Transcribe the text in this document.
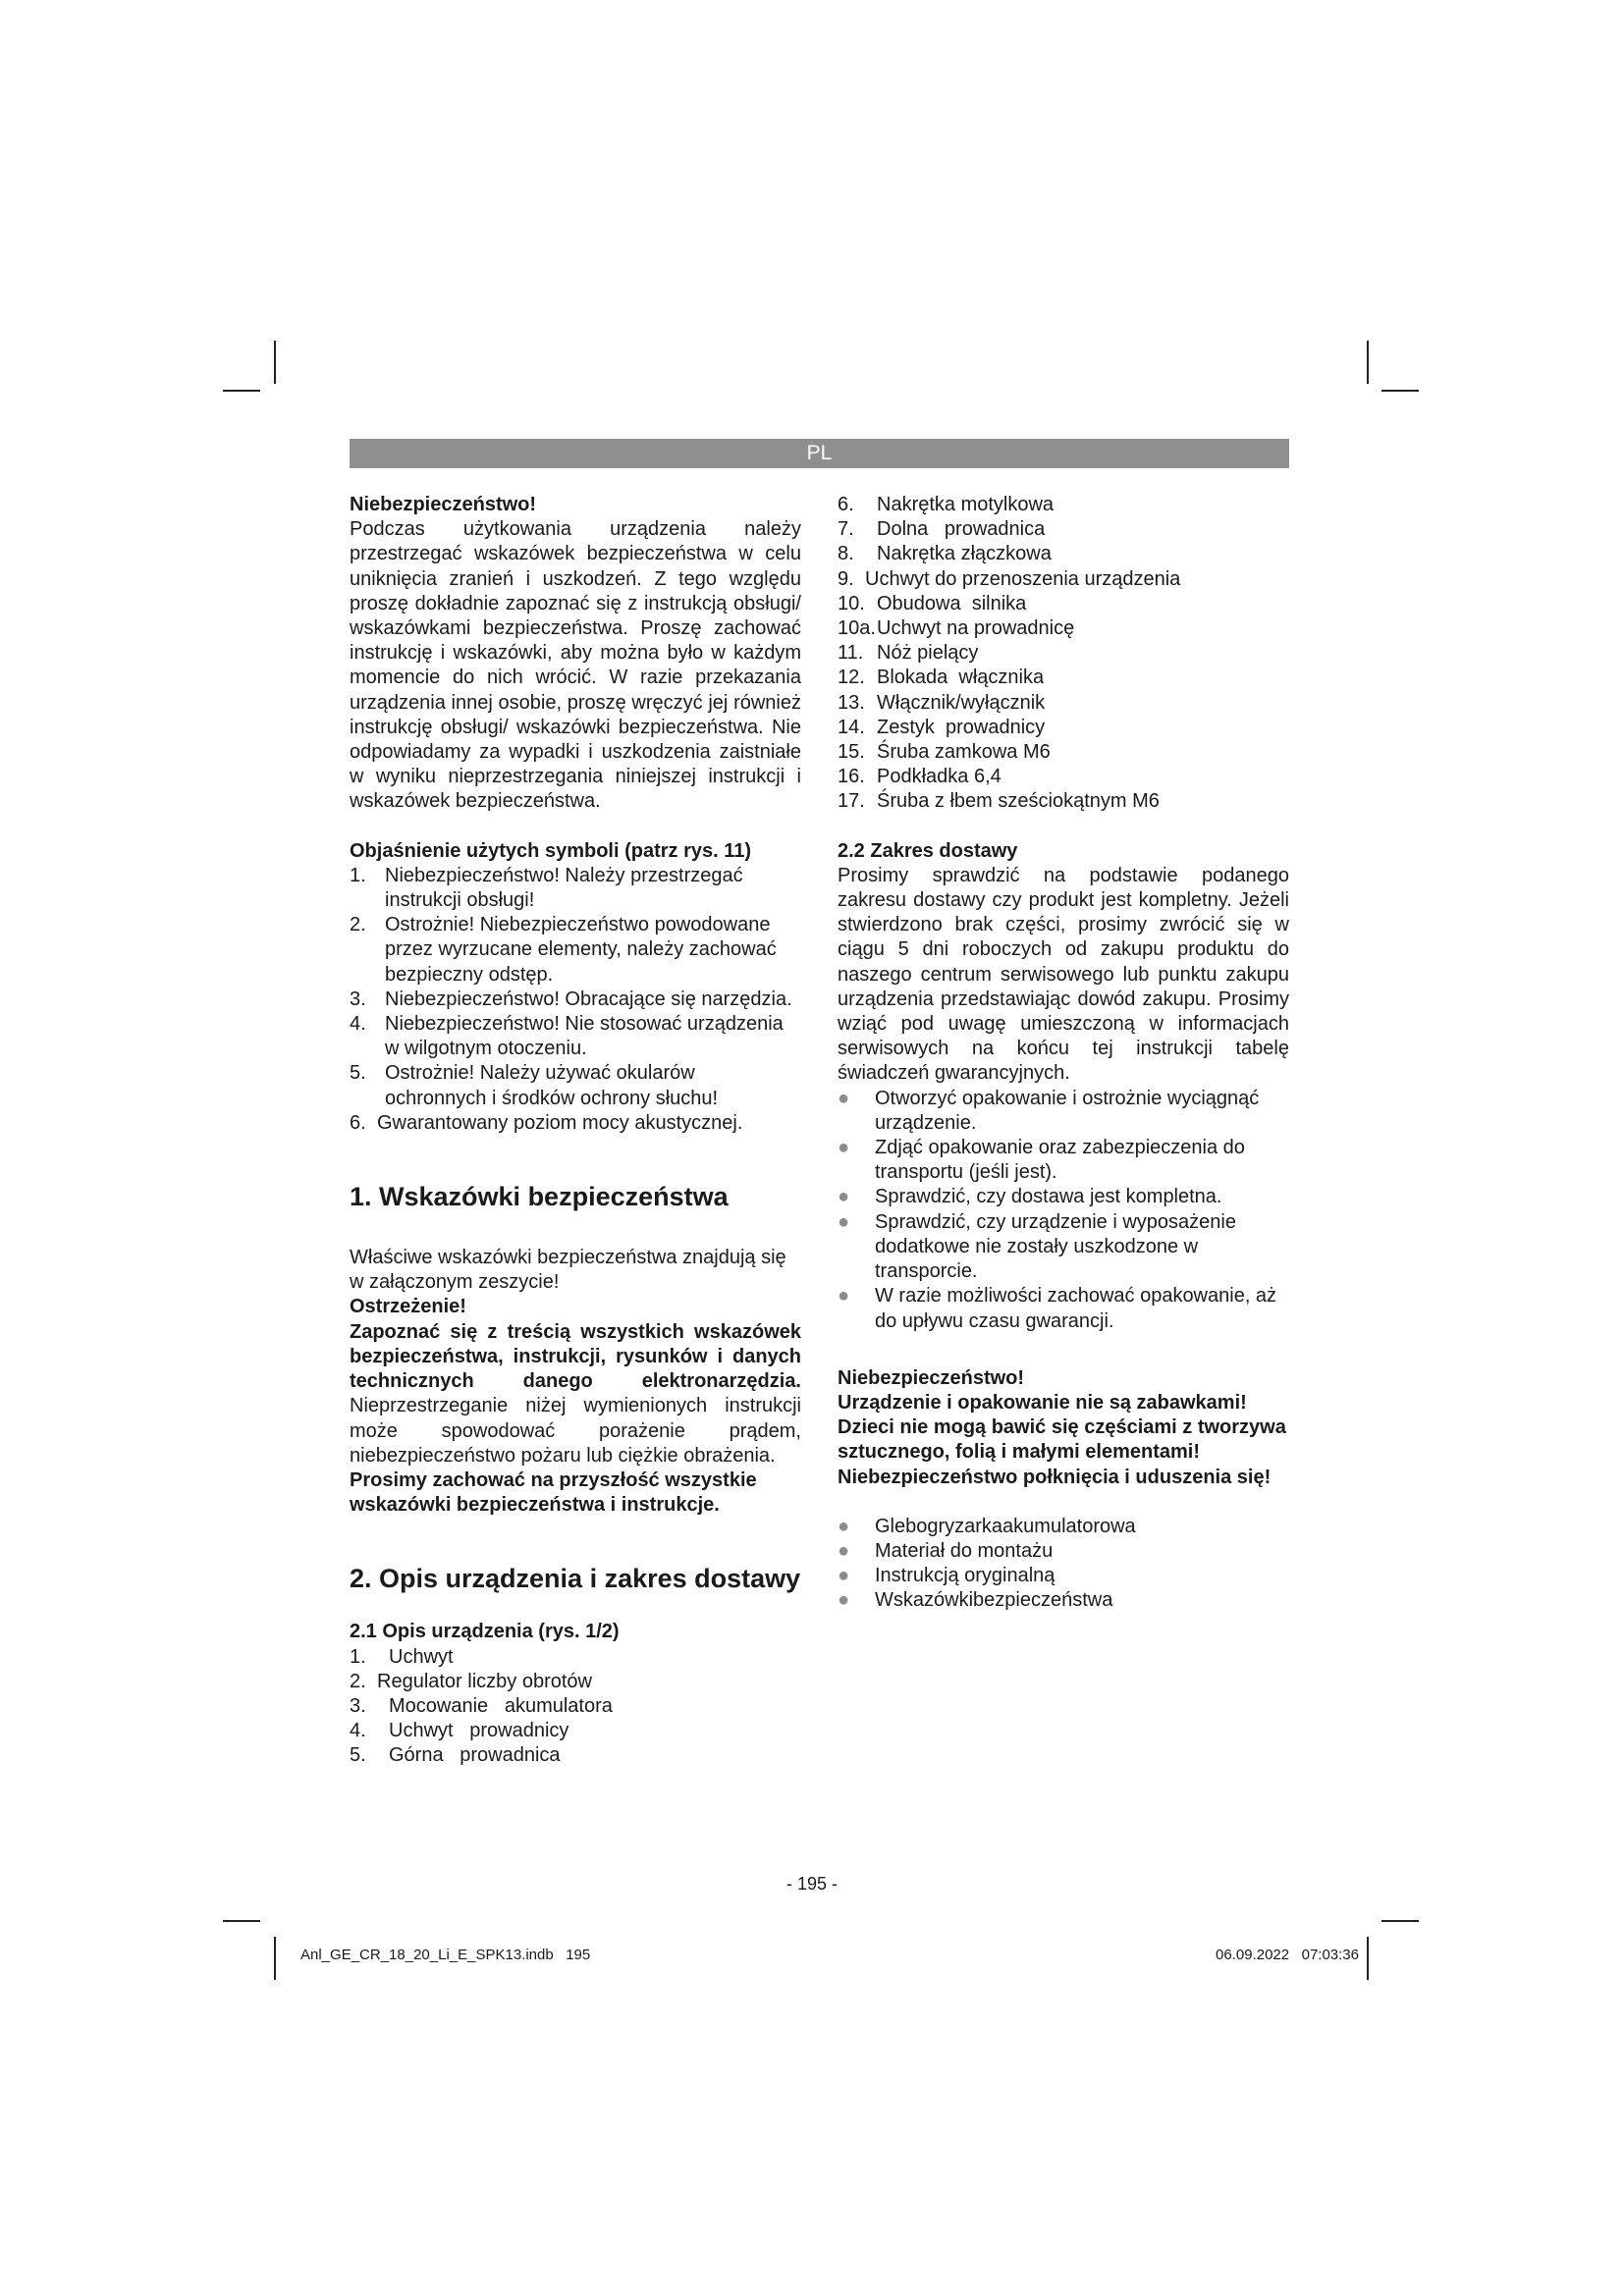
PL
Niebezpieczeństwo!
Podczas użytkowania urządzenia należy przestrzegać wskazówek bezpieczeństwa w celu uniknięcia zranień i uszkodzeń. Z tego względu proszę dokładnie zapoznać się z instrukcją obsługi/ wskazówkami bezpieczeństwa. Proszę zachować instrukcję i wskazówki, aby można było w każdym momencie do nich wrócić. W razie przekazania urządzenia innej osobie, proszę wręczyć jej również instrukcję obsługi/ wskazówki bezpieczeństwa. Nie odpowiadamy za wypadki i uszkodzenia zaistniałe w wyniku nieprzestrzegania niniejszej instrukcji i wskazówek bezpieczeństwa.
Objaśnienie użytych symboli (patrz rys. 11)
1. Niebezpieczeństwo! Należy przestrzegać instrukcji obsługi!
2. Ostrożnie! Niebezpieczeństwo powodowane przez wyrzucane elementy, należy zachować bezpieczny odstęp.
3. Niebezpieczeństwo! Obracające się narzędzia.
4. Niebezpieczeństwo! Nie stosować urządzenia w wilgotnym otoczeniu.
5. Ostrożnie! Należy używać okularów ochronnych i środków ochrony słuchu!
6. Gwarantowany poziom mocy akustycznej.
1. Wskazówki bezpieczeństwa
Właściwe wskazówki bezpieczeństwa znajdują się w załączonym zeszycie!
Ostrzeżenie!
Zapoznać się z treścią wszystkich wskazówek bezpieczeństwa, instrukcji, rysunków i danych technicznych danego elektronarzędzia. Nieprzestrzeganie niżej wymienionych instrukcji może spowodować porażenie prądem, niebezpieczeństwo pożaru lub ciężkie obrażenia.
Prosimy zachować na przyszłość wszystkie wskazówki bezpieczeństwa i instrukcje.
2. Opis urządzenia i zakres dostawy
2.1 Opis urządzenia (rys. 1/2)
1.	Uchwyt
2. Regulator liczby obrotów
3.	Mocowanie   akumulatora
4.	Uchwyt   prowadnicy
5.	Górna   prowadnica
6.	Nakrętka motylkowa
7.	Dolna   prowadnica
8.	Nakrętka złączkowa
9. Uchwyt do przenoszenia urządzenia
10. Obudowa  silnika
10a. Uchwyt na prowadnicę
11. Nóż pielący
12. Blokada  włącznika
13. Włącznik/wyłącznik
14. Zestyk  prowadnicy
15. Śruba zamkowa M6
16. Podkładka 6,4
17. Śruba z łbem sześciokątnym M6
2.2 Zakres dostawy
Prosimy sprawdzić na podstawie podanego zakresu dostawy czy produkt jest kompletny. Jeżeli stwierdzono brak części, prosimy zwrócić się w ciągu 5 dni roboczych od zakupu produktu do naszego centrum serwisowego lub punktu zakupu urządzenia przedstawiając dowód zakupu. Prosimy wziąć pod uwagę umieszczoną w informacjach serwisowych na końcu tej instrukcji tabelę świadczeń gwarancyjnych.
●	Otworzyć opakowanie i ostrożnie wyciągnąć urządzenie.
●	Zdjąć opakowanie oraz zabezpieczenia do transportu (jeśli jest).
●	Sprawdzić, czy dostawa jest kompletna.
●	Sprawdzić, czy urządzenie i wyposażenie dodatkowe nie zostały uszkodzone w transporcie.
●	W razie możliwości zachować opakowanie, aż do upływu czasu gwarancji.
Niebezpieczeństwo!
Urządzenie i opakowanie nie są zabawkami! Dzieci nie mogą bawić się częściami z tworzywa sztucznego, folią i małymi elementami! Niebezpieczeństwo połknięcia i uduszenia się!
●	Glebogryzarkaakumulatorowa
●	Materiał do montażu
●	Instrukcją oryginalną
●	Wskazówkibezpieczeństwa
- 195 -
Anl_GE_CR_18_20_Li_E_SPK13.indb   195	06.09.2022   07:03:36
